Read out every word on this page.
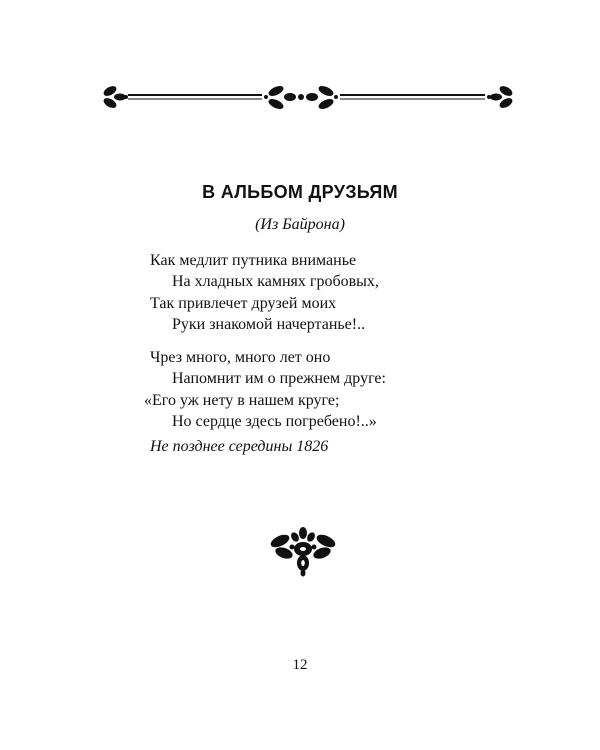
В АЛЬБОМ ДРУЗЬЯМ
(Из Байрона)
Как медлит путника вниманье
На хладных камнях гробовых,
Так привлечет друзей моих
Руки знакомой начертанье!..
Чрез много, много лет оно
Напомнит им о прежнем друге:
«Его уж нету в нашем круге;
Но сердце здесь погребено!..»
Не позднее середины 1826
12
